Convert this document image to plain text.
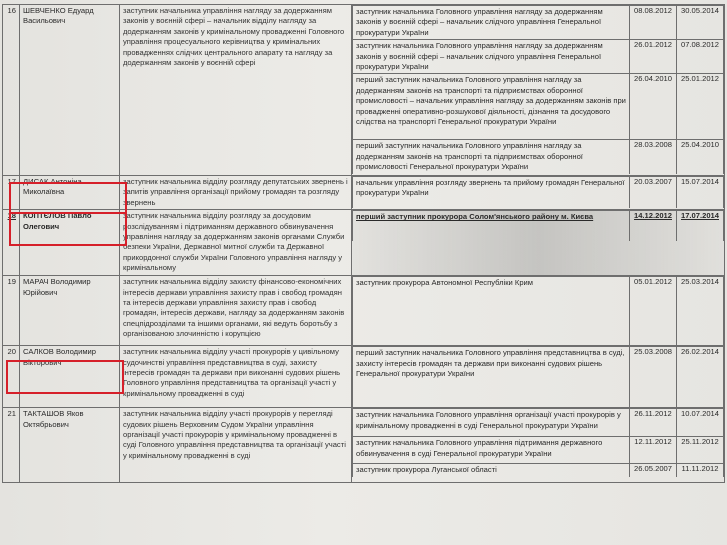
16	ШЕВЧЕНКО Едуард Васильович	заступник начальника управління нагляду за додержанням законів у воєнній сфері – начальник відділу нагляду за додержанням законів у кримінальному провадженні Головного управління процесуального керівництва у кримінальних провадженнях слідчих центрального апарату та нагляду за додержанням законів у воєнній сфері	
заступник начальника Головного управління нагляду за додержанням законів у воєнній сфері – начальник слідчого управління Генеральної прокуратури України	08.08.2012	30.05.2014
заступник начальника Головного управління нагляду за додержанням законів у воєнній сфері – начальник слідчого управління Генеральної прокуратури України	26.01.2012	07.08.2012
перший заступник начальника Головного управління нагляду за додержанням законів на транспорті та підприємствах оборонної промисловості – начальник управління нагляду за додержанням законів при провадженні оперативно-розшукової діяльності, дізнання та досудового слідства на транспорті Генеральної прокуратури України	26.04.2010	25.01.2012
перший заступник начальника Головного управління нагляду за додержанням законів на транспорті та підприємствах оборонної промисловості Генеральної прокуратури України	28.03.2008	25.04.2010

17	ДИСАК Антоніна Миколаївна	заступник начальника відділу розгляду депутатських звернень і запитів управління організації прийому громадян та розгляду звернень	
начальник управління розгляду звернень та прийому громадян Генеральної прокуратури України	20.03.2007	15.07.2014

18	КОПТЄЛОВ Павло Олегович	заступник начальника відділу розгляду за досудовим розслідуванням і підтриманням державного обвинувачення управління нагляду за додержанням законів органами Служби безпеки України, Державної митної служби та Державної прикордонної служби України Головного управління нагляду у кримінальному	
перший заступник прокурора Солом'янського району м. Києва	14.12.2012	17.07.2014

19	МАРАЧ Володимир Юрійович	заступник начальника відділу захисту фінансово-економічних інтересів держави управління захисту прав і свобод громадян та інтересів держави управління захисту прав і свобод громадян, інтересів держави, нагляду за додержанням законів спецпідрозділами та іншими органами, які ведуть боротьбу з організованою злочинністю і корупцією	
заступник прокурора Автономної Республіки Крим	05.01.2012	25.03.2014

20	САЛКОВ Володимир Вікторович	заступник начальника відділу участі прокурорів у цивільному судочинстві управління представництва в суді, захисту інтересів громадян та держави при виконанні судових рішень Головного управління представництва та організації участі у кримінальному провадженні в суді	
перший заступник начальника Головного управління представництва в суді, захисту інтересів громадян та держави при виконанні судових рішень Генеральної прокуратури України	25.03.2008	26.02.2014

21	ТАКТАШОВ Яков Октябрьович	заступник начальника відділу участі прокурорів у перегляді судових рішень Верховним Судом України управління організації участі прокурорів у кримінальному провадженні в суді Головного управління представництва та організації участі у кримінальному провадженні в суді	
заступник начальника Головного управління організації участі прокурорів у кримінальному провадженні в суді Генеральної прокуратури України	26.11.2012	10.07.2014
заступник начальника Головного управління підтримання державного обвинувачення в суді Генеральної прокуратури України	12.11.2012	25.11.2012
заступник прокурора Луганської області	26.05.2007	11.11.2012
